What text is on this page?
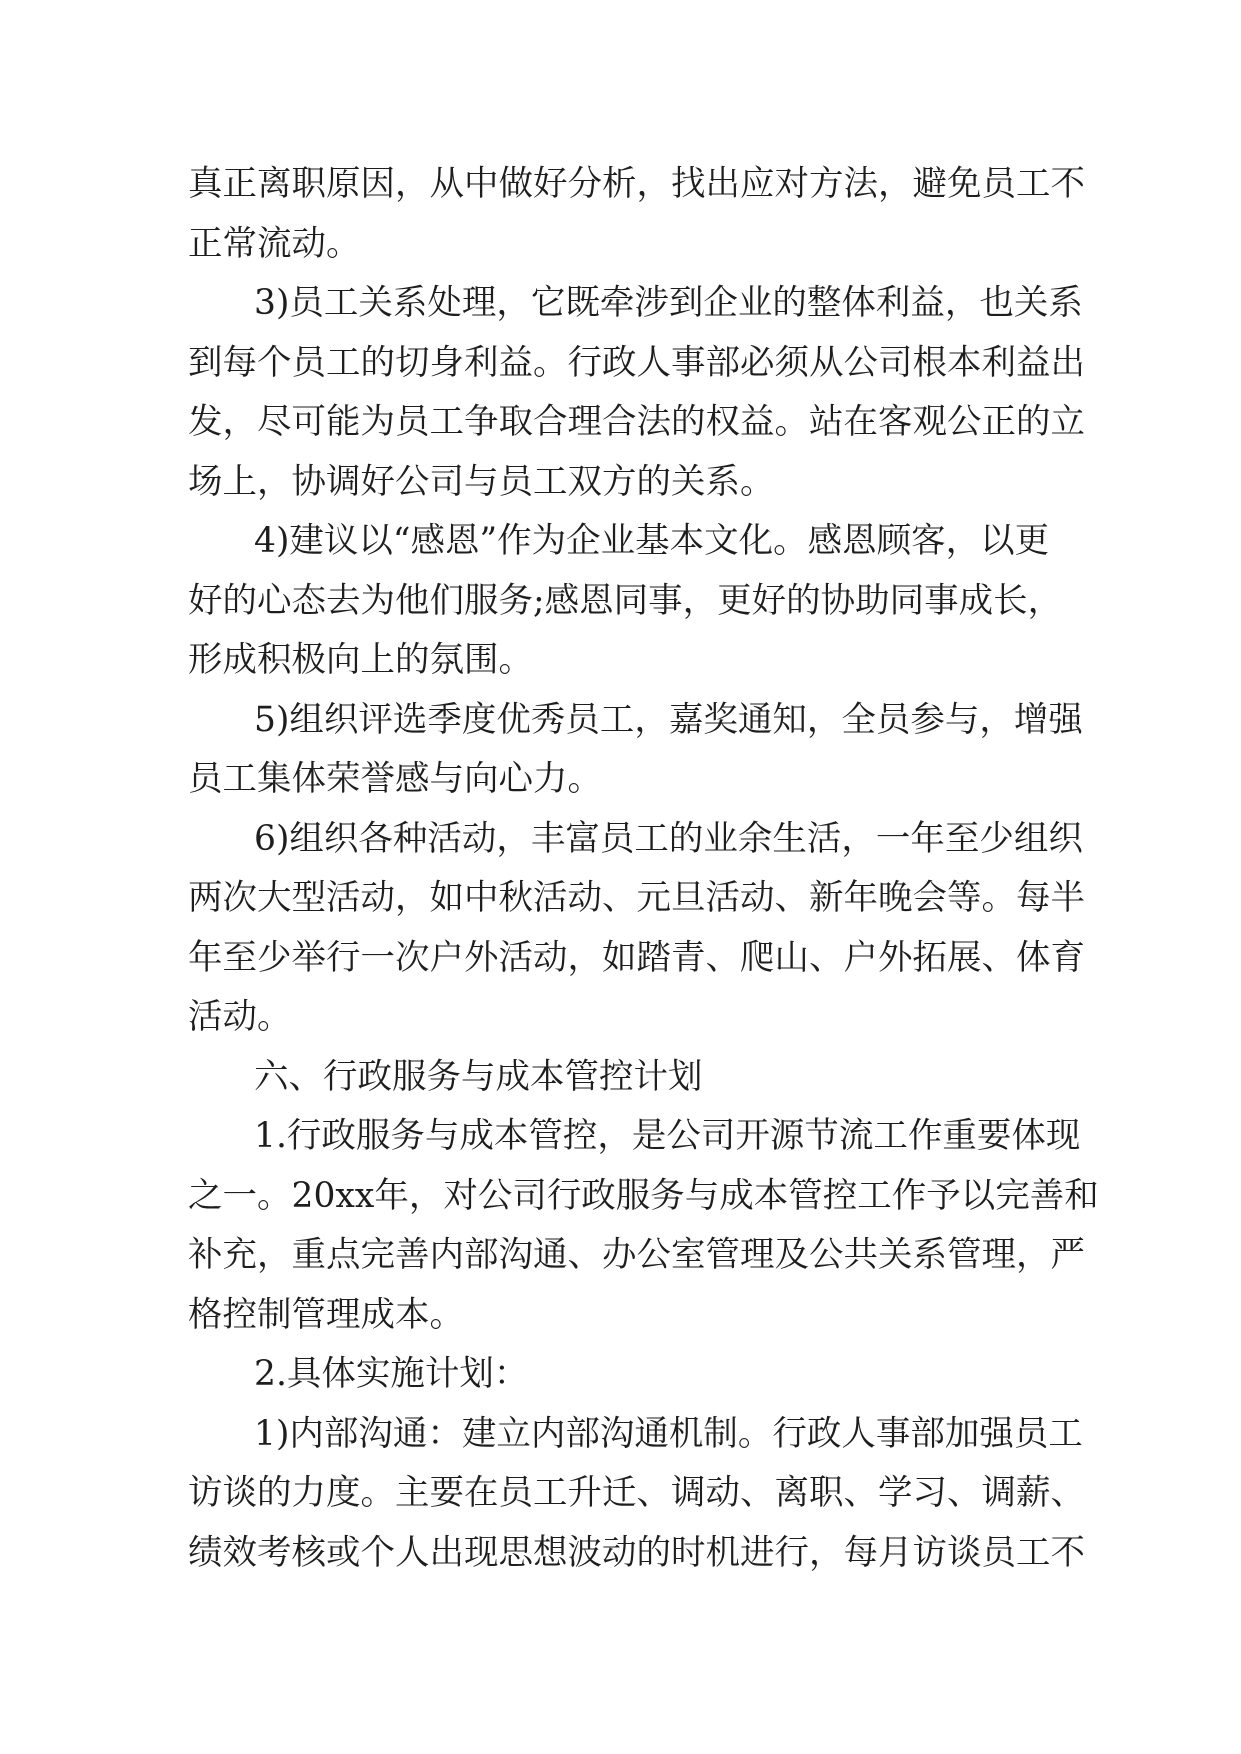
真正离职原因，从中做好分析，找出应对方法，避免员工不
正常流动。
3)员工关系处理，它既牵涉到企业的整体利益，也关系
到每个员工的切身利益。行政人事部必须从公司根本利益出
发，尽可能为员工争取合理合法的权益。站在客观公正的立
场上，协调好公司与员工双方的关系。
4)建议以“感恩”作为企业基本文化。感恩顾客，以更
好的心态去为他们服务;感恩同事，更好的协助同事成长，
形成积极向上的氛围。
5)组织评选季度优秀员工，嘉奖通知，全员参与，增强
员工集体荣誉感与向心力。
6)组织各种活动，丰富员工的业余生活，一年至少组织
两次大型活动，如中秋活动、元旦活动、新年晚会等。每半
年至少举行一次户外活动，如踏青、爬山、户外拓展、体育
活动。
六、行政服务与成本管控计划
1.行政服务与成本管控，是公司开源节流工作重要体现
之一。20xx年，对公司行政服务与成本管控工作予以完善和
补充，重点完善内部沟通、办公室管理及公共关系管理，严
格控制管理成本。
2.具体实施计划：
1)内部沟通：建立内部沟通机制。行政人事部加强员工
访谈的力度。主要在员工升迁、调动、离职、学习、调薪、
绩效考核或个人出现思想波动的时机进行，每月访谈员工不
